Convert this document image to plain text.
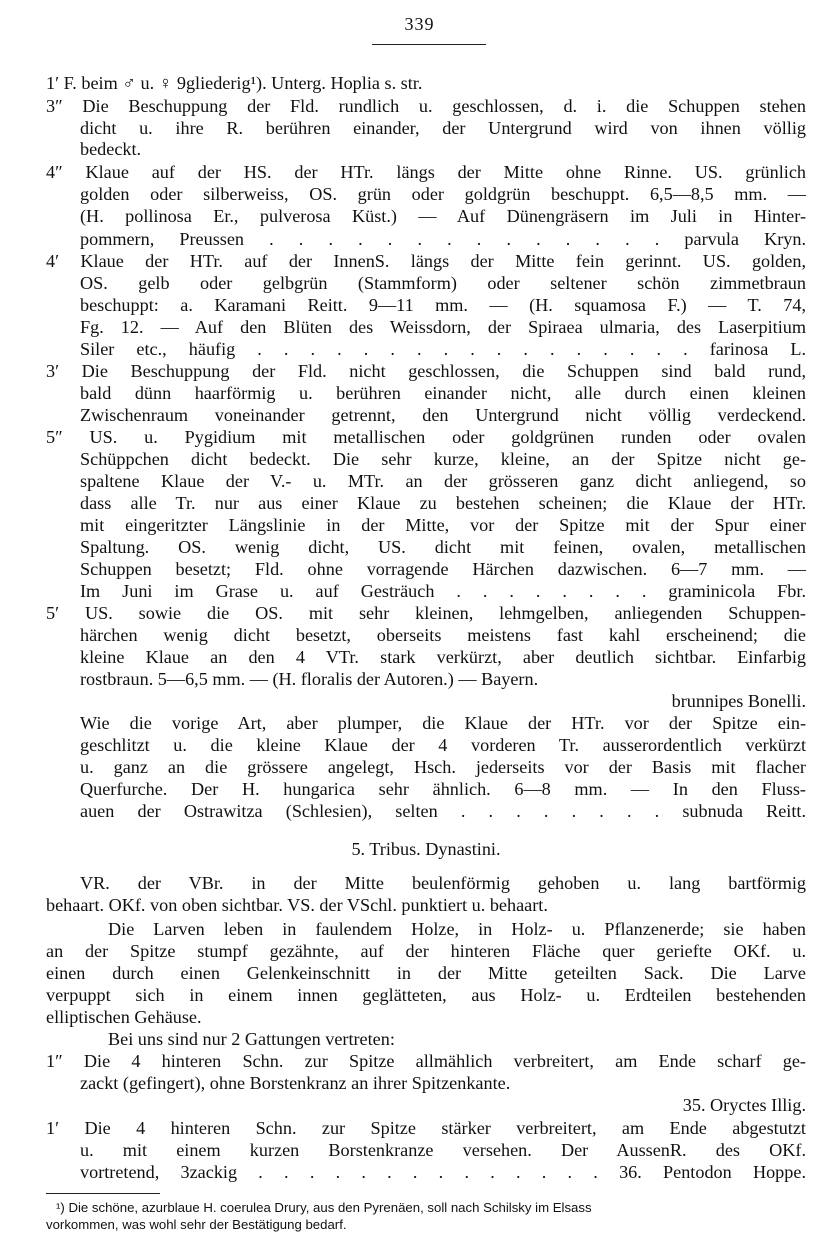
339
1′ F. beim ♂ u. ♀ 9gliederig¹). Unterg. Hoplia s. str.
3″ Die Beschuppung der Fld. rundlich u. geschlossen, d. i. die Schuppen stehen
dicht u. ihre R. berühren einander, der Untergrund wird von ihnen völlig
bedeckt.
4″ Klaue auf der HS. der HTr. längs der Mitte ohne Rinne. US. grünlich
golden oder silberweiss, OS. grün oder goldgrün beschuppt. 6,5—8,5 mm. —
(H. pollinosa Er., pulverosa Küst.) — Auf Dünengräsern im Juli in Hinter-
pommern, Preussen . . . . . . . . . . . . . . parvula Kryn.
4′ Klaue der HTr. auf der InnenS. längs der Mitte fein gerinnt. US. golden,
OS. gelb oder gelbgrün (Stammform) oder seltener schön zimmetbraun
beschuppt: a. Karamani Reitt. 9—11 mm. — (H. squamosa F.) — T. 74,
Fg. 12. — Auf den Blüten des Weissdorn, der Spiraea ulmaria, des Laserpitium
Siler etc., häufig . . . . . . . . . . . . . . . . . farinosa L.
3′ Die Beschuppung der Fld. nicht geschlossen, die Schuppen sind bald rund,
bald dünn haarförmig u. berühren einander nicht, alle durch einen kleinen
Zwischenraum voneinander getrennt, den Untergrund nicht völlig verdeckend.
5″ US. u. Pygidium mit metallischen oder goldgrünen runden oder ovalen
Schüppchen dicht bedeckt. Die sehr kurze, kleine, an der Spitze nicht ge-
spaltene Klaue der V.- u. MTr. an der grösseren ganz dicht anliegend, so
dass alle Tr. nur aus einer Klaue zu bestehen scheinen; die Klaue der HTr.
mit eingeritzter Längslinie in der Mitte, vor der Spitze mit der Spur einer
Spaltung. OS. wenig dicht, US. dicht mit feinen, ovalen, metallischen
Schuppen besetzt; Fld. ohne vorragende Härchen dazwischen. 6—7 mm. —
Im Juni im Grase u. auf Gesträuch . . . . . . . . graminicola Fbr.
5′ US. sowie die OS. mit sehr kleinen, lehmgelben, anliegenden Schuppen-
härchen wenig dicht besetzt, oberseits meistens fast kahl erscheinend; die
kleine Klaue an den 4 VTr. stark verkürzt, aber deutlich sichtbar. Einfarbig
rostbraun. 5—6,5 mm. — (H. floralis der Autoren.) — Bayern.
brunnipes Bonelli.
Wie die vorige Art, aber plumper, die Klaue der HTr. vor der Spitze ein-
geschlitzt u. die kleine Klaue der 4 vorderen Tr. ausserordentlich verkürzt
u. ganz an die grössere angelegt, Hsch. jederseits vor der Basis mit flacher
Querfurche. Der H. hungarica sehr ähnlich. 6—8 mm. — In den Fluss-
auen der Ostrawitza (Schlesien), selten . . . . . . . . subnuda Reitt.
5. Tribus. Dynastini.
VR. der VBr. in der Mitte beulenförmig gehoben u. lang bartförmig
behaart. OKf. von oben sichtbar. VS. der VSchl. punktiert u. behaart.
Die Larven leben in faulendem Holze, in Holz- u. Pflanzenerde; sie haben
an der Spitze stumpf gezähnte, auf der hinteren Fläche quer geriefte OKf. u.
einen durch einen Gelenkeinschnitt in der Mitte geteilten Sack. Die Larve
verpuppt sich in einem innen geglätteten, aus Holz- u. Erdteilen bestehenden
elliptischen Gehäuse.
Bei uns sind nur 2 Gattungen vertreten:
1″ Die 4 hinteren Schn. zur Spitze allmählich verbreitert, am Ende scharf ge-
zackt (gefingert), ohne Borstenkranz an ihrer Spitzenkante.
35. Oryctes Illig.
1′ Die 4 hinteren Schn. zur Spitze stärker verbreitert, am Ende abgestutzt
u. mit einem kurzen Borstenkranze versehen. Der AussenR. des OKf.
vortretend, 3zackig . . . . . . . . . . . . . . 36. Pentodon Hoppe.
¹) Die schöne, azurblaue H. coerulea Drury, aus den Pyrenäen, soll nach Schilsky im Elsass
vorkommen, was wohl sehr der Bestätigung bedarf.
